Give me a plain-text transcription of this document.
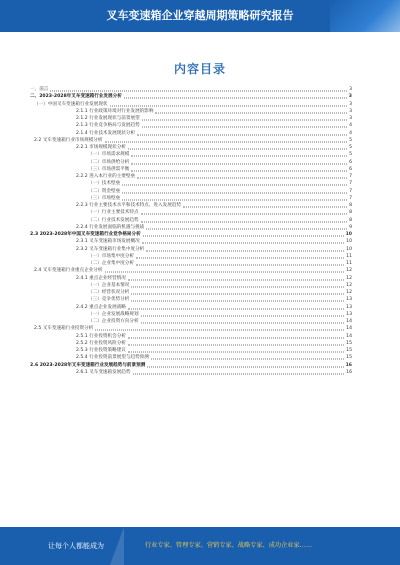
叉车变速箱企业穿越周期策略研究报告
内容目录
一、前言	3
二、2023-2028年叉车变速箱行业发展分析	3
（一）中国叉车变速箱行业发展现状	3
2.1.1 行业政策环境对行业发展的影响	3
2.1.2 行业发展现状与前景展望	3
2.1.3 行业竞争格局与发展趋势	4
2.1.4 行业技术发展现状分析	4
2.2 叉车变速箱行业市场规模分析	5
2.2.1 市场规模现状分析	5
（一）市场需求规模	5
（二）市场供给分析	6
（三）市场供需平衡	6
2.2.2 进入本行业的主要壁垒	7
（一）技术壁垒	7
（二）资金壁垒	7
（三）市场壁垒	7
2.2.3 行业主要技术水平和技术特点、进入发展趋势	8
（一）行业主要技术特点	8
（二）行业技术发展趋势	8
2.2.4 行业发展面临的机遇与挑战	9
2.3 2023-2028年中国叉车变速箱行业竞争格局分析	10
2.3.1 叉车变速箱市场发展概况	10
2.3.2 叉车变速箱行业集中度分析	10
（一）市场集中度分析	11
（二）企业集中度分析	11
2.4 叉车变速箱行业重点企业分析	12
2.4.1 重点企业经营情况	12
（一）企业基本情况	12
（二）经营状况分析	12
（三）竞争优势分析	13
2.4.2 重点企业发展战略	13
（一）企业发展战略规划	13
（二）企业投资方向分析	14
2.5 叉车变速箱行业投资分析	14
2.5.1 行业投资机会分析	14
2.5.2 行业投资风险分析	15
2.5.3 行业投资策略建议	15
2.5.4 行业投资前景展望与趋势预测	15
2.6 2023-2028年叉车变速箱行业发展趋势与前景预测	16
2.6.1 叉车变速箱发展趋势	16
让每个人都能成为	行业专家、管理专家、营销专家、战略专家、成功企业家……
